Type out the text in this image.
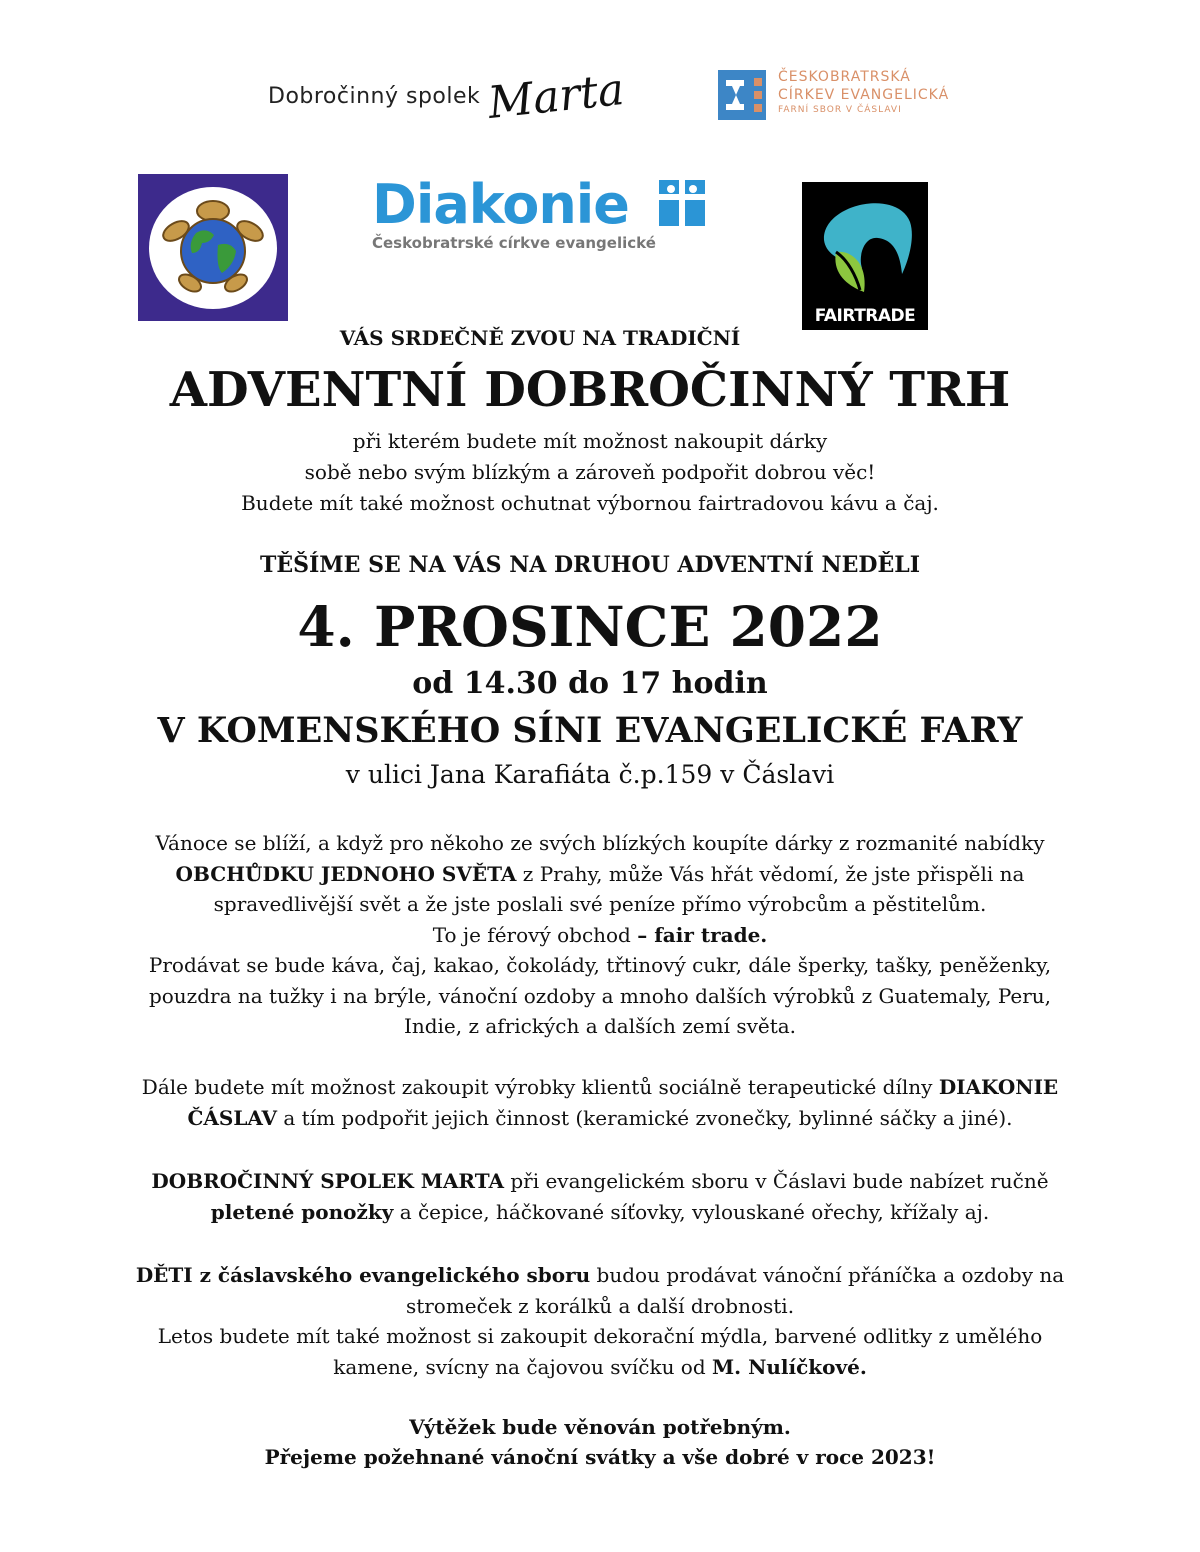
Dobročinný spolek Marta	ČESKOBRATRSKÁ
CÍRKEV EVANGELICKÁ
FARNÍ SBOR V ČÁSLAVI
Diakonie
Českobratrské církve evangelické
FAIRTRADE
VÁS SRDEČNĚ ZVOU NA TRADIČNÍ
ADVENTNÍ DOBROČINNÝ TRH
při kterém budete mít možnost nakoupit dárky
sobě nebo svým blízkým a zároveň podpořit dobrou věc!
Budete mít také možnost ochutnat výbornou fairtradovou kávu a čaj.
TĚŠÍME SE NA VÁS NA DRUHOU ADVENTNÍ NEDĚLI
4. PROSINCE 2022
od 14.30 do 17 hodin
V KOMENSKÉHO SÍNI EVANGELICKÉ FARY
v ulici Jana Karafiáta č.p.159 v Čáslavi
Vánoce se blíží, a když pro někoho ze svých blízkých koupíte dárky z rozmanité nabídky
OBCHŮDKU JEDNOHO SVĚTA z Prahy, může Vás hřát vědomí, že jste přispěli na
spravedlivější svět a že jste poslali své peníze přímo výrobcům a pěstitelům.
To je férový obchod – fair trade.
Prodávat se bude káva, čaj, kakao, čokolády, třtinový cukr, dále šperky, tašky, peněženky,
pouzdra na tužky i na brýle, vánoční ozdoby a mnoho dalších výrobků z Guatemaly, Peru,
Indie, z afrických a dalších zemí světa.
Dále budete mít možnost zakoupit výrobky klientů sociálně terapeutické dílny DIAKONIE
ČÁSLAV a tím podpořit jejich činnost (keramické zvonečky, bylinné sáčky a jiné).
DOBROČINNÝ SPOLEK MARTA při evangelickém sboru v Čáslavi bude nabízet ručně
pletené ponožky a čepice, háčkované síťovky, vylouskané ořechy, křížaly aj.
DĚTI z čáslavského evangelického sboru budou prodávat vánoční přáníčka a ozdoby na
stromeček z korálků a další drobnosti.
Letos budete mít také možnost si zakoupit dekorační mýdla, barvené odlitky z umělého
kamene, svícny na čajovou svíčku od M. Nulíčkové.
Výtěžek bude věnován potřebným.
Přejeme požehnané vánoční svátky a vše dobré v roce 2023!
